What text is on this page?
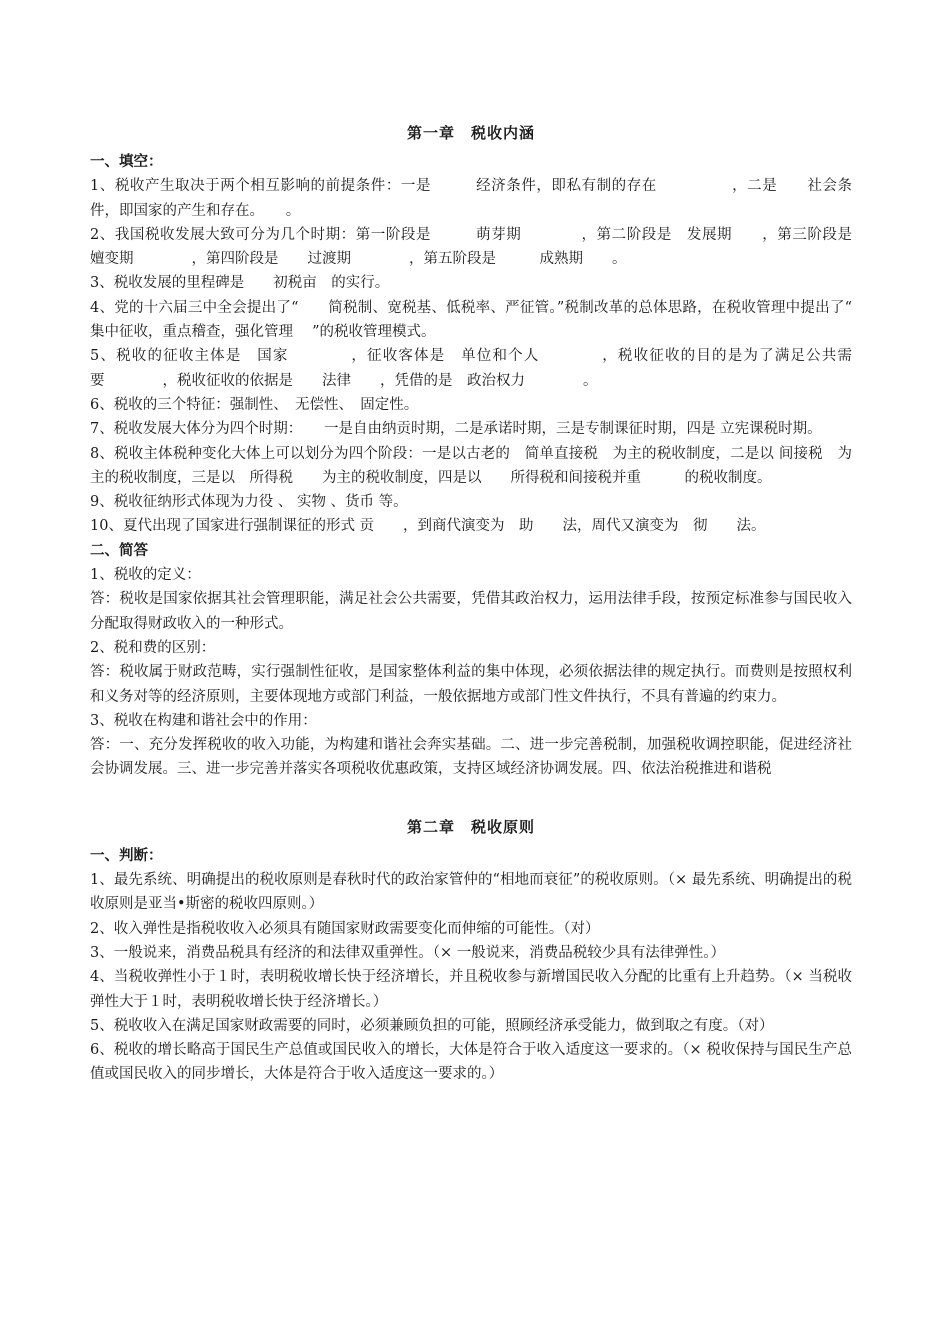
第一章　税收内涵
一、填空：

1、税收产生取决于两个相互影响的前提条件：一是　　　经济条件，即私有制的存在　　　　　，二是　　社会条件，即国家的产生和存在。　　。

2、我国税收发展大致可分为几个时期：第一阶段是　　　萌芽期　　　　，第二阶段是　发展期　　，第三阶段是　嬗变期　　　　，第四阶段是　　过渡期　　　　，第五阶段是　　　成熟期　　。

3、税收发展的里程碑是　　初税亩　的实行。

4、党的十六届三中全会提出了“　　简税制、宽税基、低税率、严征管。”税制改革的总体思路，在税收管理中提出了“ 集中征收，重点稽查，强化管理 　”的税收管理模式。

5、税收的征收主体是　国家　　　　，征收客体是　单位和个人　　　　，税收征收的目的是为了满足公共需要　　　　，税收征收的依据是　　法律　　，凭借的是　政治权力　　　　。

6、税收的三个特征：强制性、　无偿性、　固定性。

7、税收发展大体分为四个时期：　　一是自由纳贡时期，二是承诺时期，三是专制课征时期，四是 立宪课税时期。

8、税收主体税种变化大体上可以划分为四个阶段：一是以古老的　简单直接税　为主的税收制度，二是以 间接税　为主的税收制度，三是以　所得税　　为主的税收制度，四是以　　所得税和间接税并重　　　的税收制度。

9、税收征纳形式体现为力役 、 实物 、货币 等。

10、夏代出现了国家进行强制课征的形式 贡　　，到商代演变为　助　　法，周代又演变为　彻　　法。

二、简答

1、税收的定义：

答：税收是国家依据其社会管理职能，满足社会公共需要，凭借其政治权力，运用法律手段，按预定标准参与国民收入分配取得财政收入的一种形式。

2、税和费的区别：

答：税收属于财政范畴，实行强制性征收，是国家整体利益的集中体现，必须依据法律的规定执行。而费则是按照权利和义务对等的经济原则，主要体现地方或部门利益，一般依据地方或部门性文件执行，不具有普遍的约束力。

3、税收在构建和谐社会中的作用：

答：一、充分发挥税收的收入功能，为构建和谐社会奔实基础。二、进一步完善税制，加强税收调控职能，促进经济社会协调发展。三、进一步完善并落实各项税收优惠政策，支持区域经济协调发展。四、依法治税推进和谐税

第二章　税收原则
一、判断：

1、最先系统、明确提出的税收原则是春秋时代的政治家管仲的“相地而衰征”的税收原则。（× 最先系统、明确提出的税收原则是亚当•斯密的税收四原则。）

2、收入弹性是指税收收入必须具有随国家财政需要变化而伸缩的可能性。（对）

3、一般说来，消费品税具有经济的和法律双重弹性。（× 一般说来，消费品税较少具有法律弹性。）

4、当税收弹性小于１时，表明税收增长快于经济增长，并且税收参与新增国民收入分配的比重有上升趋势。（× 当税收弹性大于１时，表明税收增长快于经济增长。）

5、税收收入在满足国家财政需要的同时，必须兼顾负担的可能，照顾经济承受能力，做到取之有度。（对）

6、税收的增长略高于国民生产总值或国民收入的增长，大体是符合于收入适度这一要求的。（× 税收保持与国民生产总值或国民收入的同步增长，大体是符合于收入适度这一要求的。）
